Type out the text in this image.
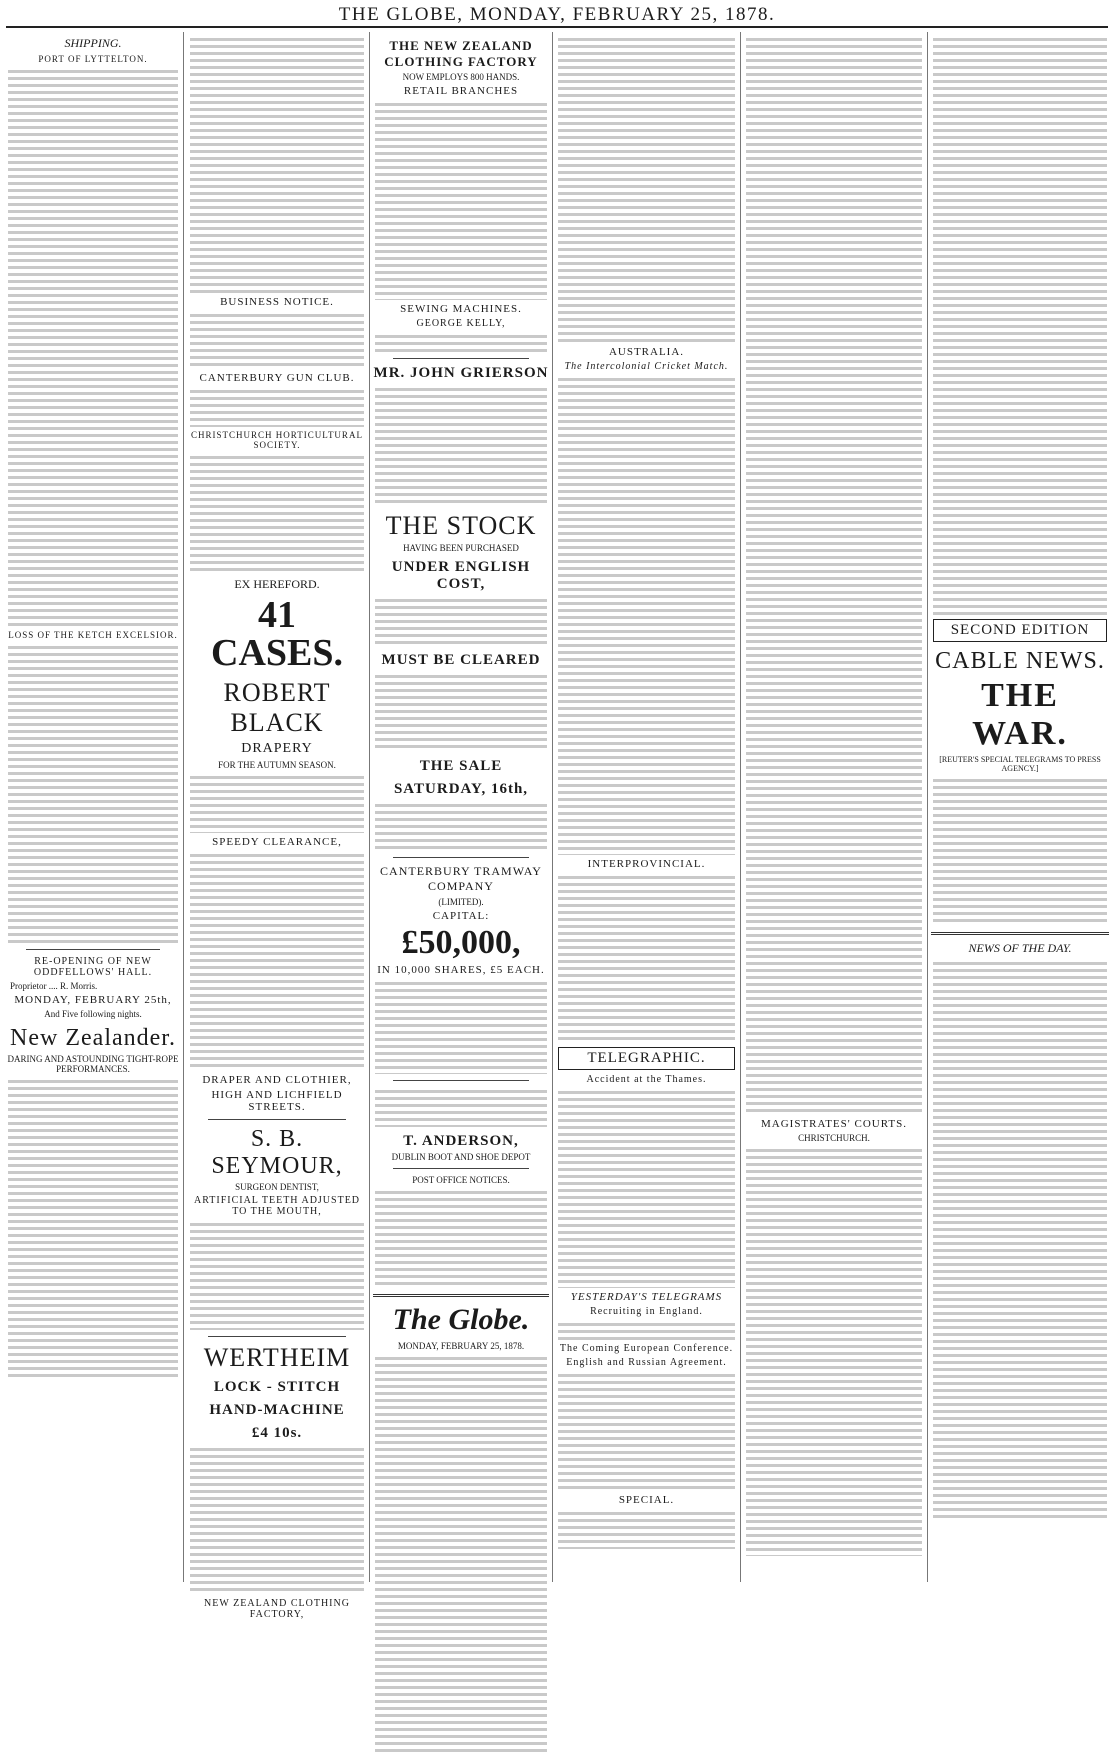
THE GLOBE, MONDAY, FEBRUARY 25, 1878.
SHIPPING.
PORT OF LYTTELTON.
LOSS OF THE KETCH EXCELSIOR.
RE-OPENING OF NEW ODDFELLOWS' HALL.
Proprietor .... R. Morris.
MONDAY, FEBRUARY 25th,
And Five following nights.
New Zealander.
DARING AND ASTOUNDING TIGHT-ROPE PERFORMANCES.
BUSINESS NOTICE.
CANTERBURY GUN CLUB.
CHRISTCHURCH HORTICULTURAL SOCIETY.
EX HEREFORD.
41 CASES.
ROBERT BLACK
DRAPERY
FOR THE AUTUMN SEASON.
SPEEDY CLEARANCE,
DRAPER AND CLOTHIER,
HIGH AND LICHFIELD STREETS.
S. B. SEYMOUR,
SURGEON DENTIST,
ARTIFICIAL TEETH ADJUSTED TO THE MOUTH,
WERTHEIM
LOCK - STITCH
HAND-MACHINE
£4 10s.
NEW ZEALAND CLOTHING FACTORY,
THE NEW ZEALAND CLOTHING FACTORY
NOW EMPLOYS 800 HANDS.
RETAIL BRANCHES
SEWING MACHINES.
GEORGE KELLY,
MR. JOHN GRIERSON
THE STOCK
HAVING BEEN PURCHASED
UNDER ENGLISH COST,
MUST BE CLEARED
THE SALE
SATURDAY, 16th,
CANTERBURY TRAMWAY COMPANY
(LIMITED).
CAPITAL:
£50,000,
IN 10,000 SHARES, £5 EACH.
T. ANDERSON,
DUBLIN BOOT AND SHOE DEPOT
POST OFFICE NOTICES.
The Globe.
MONDAY, FEBRUARY 25, 1878.
AUSTRALIA.
The Intercolonial Cricket Match.
INTERPROVINCIAL.
TELEGRAPHIC.
Accident at the Thames.
YESTERDAY'S TELEGRAMS
Recruiting in England.
The Coming European Conference.
English and Russian Agreement.
SPECIAL.
MAGISTRATES' COURTS.
CHRISTCHURCH.
SECOND EDITION
CABLE NEWS.
THE WAR.
[REUTER'S SPECIAL TELEGRAMS TO PRESS AGENCY.]
NEWS OF THE DAY.
